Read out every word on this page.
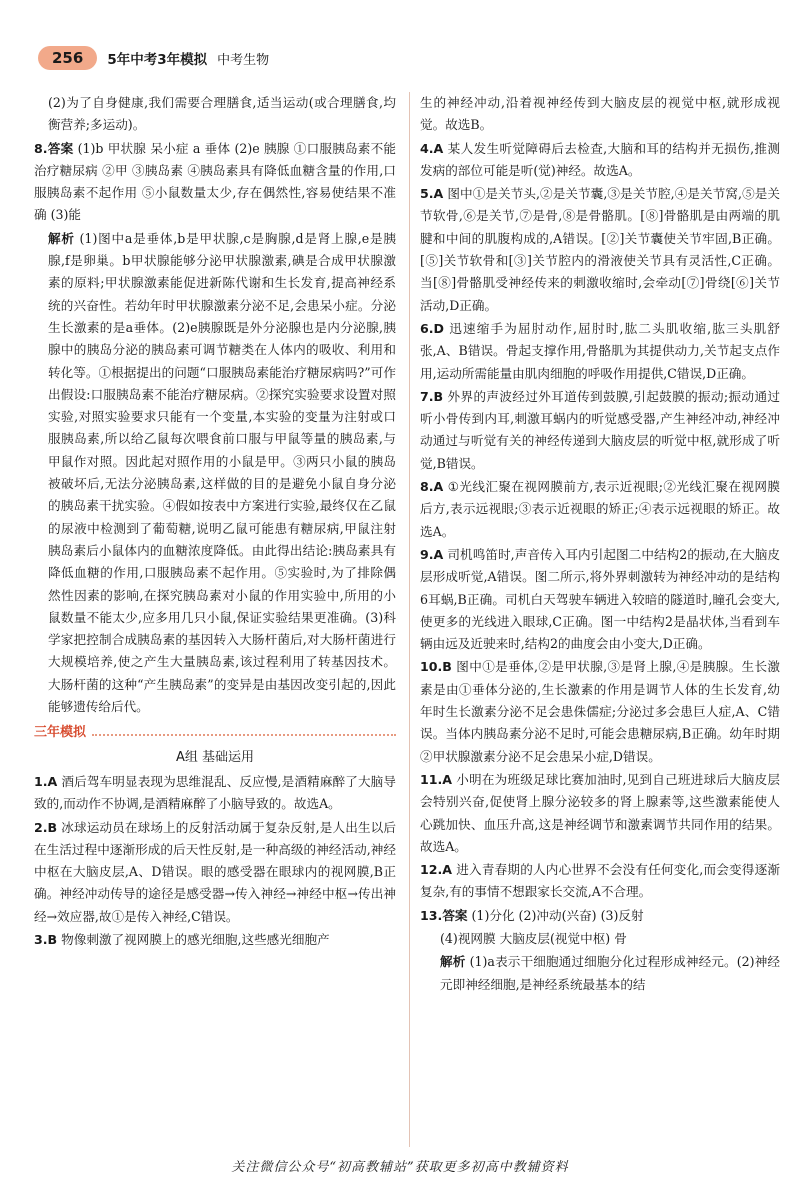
256	5年中考3年模拟 中考生物
(2)为了自身健康,我们需要合理膳食,适当运动(或合理膳食,均衡营养;多运动)。
8.答案 (1)b 甲状腺 呆小症 a 垂体 (2)e 胰腺 ①口服胰岛素不能治疗糖尿病 ②甲 ③胰岛素 ④胰岛素具有降低血糖含量的作用,口服胰岛素不起作用 ⑤小鼠数量太少,存在偶然性,容易使结果不准确 (3)能
解析 (1)图中a是垂体,b是甲状腺,c是胸腺,d是肾上腺,e是胰腺,f是卵巢。b甲状腺能够分泌甲状腺激素,碘是合成甲状腺激素的原料;甲状腺激素能促进新陈代谢和生长发育,提高神经系统的兴奋性。若幼年时甲状腺激素分泌不足,会患呆小症。分泌生长激素的是a垂体。(2)e胰腺既是外分泌腺也是内分泌腺,胰腺中的胰岛分泌的胰岛素可调节糖类在人体内的吸收、利用和转化等。①根据提出的问题“口服胰岛素能治疗糖尿病吗?”可作出假设:口服胰岛素不能治疗糖尿病。②探究实验要求设置对照实验,对照实验要求只能有一个变量,本实验的变量为注射或口服胰岛素,所以给乙鼠每次喂食前口服与甲鼠等量的胰岛素,与甲鼠作对照。因此起对照作用的小鼠是甲。③两只小鼠的胰岛被破坏后,无法分泌胰岛素,这样做的目的是避免小鼠自身分泌的胰岛素干扰实验。④假如按表中方案进行实验,最终仅在乙鼠的尿液中检测到了葡萄糖,说明乙鼠可能患有糖尿病,甲鼠注射胰岛素后小鼠体内的血糖浓度降低。由此得出结论:胰岛素具有降低血糖的作用,口服胰岛素不起作用。⑤实验时,为了排除偶然性因素的影响,在探究胰岛素对小鼠的作用实验中,所用的小鼠数量不能太少,应多用几只小鼠,保证实验结果更准确。(3)科学家把控制合成胰岛素的基因转入大肠杆菌后,对大肠杆菌进行大规模培养,使之产生大量胰岛素,该过程利用了转基因技术。大肠杆菌的这种“产生胰岛素”的变异是由基因改变引起的,因此能够遗传给后代。
三年模拟
A组 基础运用
1.A 酒后驾车明显表现为思维混乱、反应慢,是酒精麻醉了大脑导致的,而动作不协调,是酒精麻醉了小脑导致的。故选A。
2.B 冰球运动员在球场上的反射活动属于复杂反射,是人出生以后在生活过程中逐渐形成的后天性反射,是一种高级的神经活动,神经中枢在大脑皮层,A、D错误。眼的感受器在眼球内的视网膜,B正确。神经冲动传导的途径是感受器→传入神经→神经中枢→传出神经→效应器,故①是传入神经,C错误。
3.B 物像刺激了视网膜上的感光细胞,这些感光细胞产
生的神经冲动,沿着视神经传到大脑皮层的视觉中枢,就形成视觉。故选B。
4.A 某人发生听觉障碍后去检查,大脑和耳的结构并无损伤,推测发病的部位可能是听(觉)神经。故选A。
5.A 图中①是关节头,②是关节囊,③是关节腔,④是关节窝,⑤是关节软骨,⑥是关节,⑦是骨,⑧是骨骼肌。[⑧]骨骼肌是由两端的肌腱和中间的肌腹构成的,A错误。[②]关节囊使关节牢固,B正确。[⑤]关节软骨和[③]关节腔内的滑液使关节具有灵活性,C正确。当[⑧]骨骼肌受神经传来的刺激收缩时,会牵动[⑦]骨绕[⑥]关节活动,D正确。
6.D 迅速缩手为屈肘动作,屈肘时,肱二头肌收缩,肱三头肌舒张,A、B错误。骨起支撑作用,骨骼肌为其提供动力,关节起支点作用,运动所需能量由肌肉细胞的呼吸作用提供,C错误,D正确。
7.B 外界的声波经过外耳道传到鼓膜,引起鼓膜的振动;振动通过听小骨传到内耳,刺激耳蜗内的听觉感受器,产生神经冲动,神经冲动通过与听觉有关的神经传递到大脑皮层的听觉中枢,就形成了听觉,B错误。
8.A ①光线汇聚在视网膜前方,表示近视眼;②光线汇聚在视网膜后方,表示远视眼;③表示近视眼的矫正;④表示远视眼的矫正。故选A。
9.A 司机鸣笛时,声音传入耳内引起图二中结构2的振动,在大脑皮层形成听觉,A错误。图二所示,将外界刺激转为神经冲动的是结构6耳蜗,B正确。司机白天驾驶车辆进入较暗的隧道时,瞳孔会变大,使更多的光线进入眼球,C正确。图一中结构2是晶状体,当看到车辆由远及近驶来时,结构2的曲度会由小变大,D正确。
10.B 图中①是垂体,②是甲状腺,③是肾上腺,④是胰腺。生长激素是由①垂体分泌的,生长激素的作用是调节人体的生长发育,幼年时生长激素分泌不足会患侏儒症;分泌过多会患巨人症,A、C错误。当体内胰岛素分泌不足时,可能会患糖尿病,B正确。幼年时期②甲状腺激素分泌不足会患呆小症,D错误。
11.A 小明在为班级足球比赛加油时,见到自己班进球后大脑皮层会特别兴奋,促使肾上腺分泌较多的肾上腺素等,这些激素能使人心跳加快、血压升高,这是神经调节和激素调节共同作用的结果。故选A。
12.A 进入青春期的人内心世界不会没有任何变化,而会变得逐渐复杂,有的事情不想跟家长交流,A不合理。
13.答案 (1)分化 (2)冲动(兴奋) (3)反射
(4)视网膜 大脑皮层(视觉中枢) 骨
解析 (1)a表示干细胞通过细胞分化过程形成神经元。(2)神经元即神经细胞,是神经系统最基本的结
关注微信公众号“初高教辅站”获取更多初高中教辅资料
